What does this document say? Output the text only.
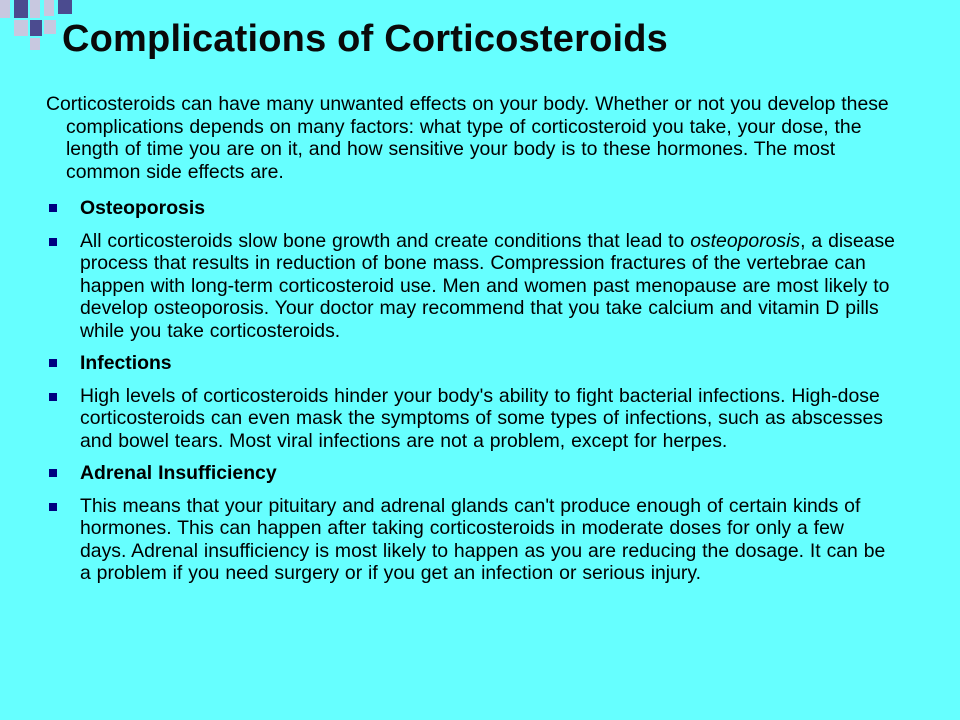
Complications of Corticosteroids

Corticosteroids can have many unwanted effects on your body. Whether or not you develop these complications depends on many factors: what type of corticosteroid you take, your dose, the length of time you are on it, and how sensitive your body is to these hormones. The most common side effects are.

Osteoporosis
All corticosteroids slow bone growth and create conditions that lead to osteoporosis, a disease process that results in reduction of bone mass. Compression fractures of the vertebrae can happen with long-term corticosteroid use. Men and women past menopause are most likely to develop osteoporosis. Your doctor may recommend that you take calcium and vitamin D pills while you take corticosteroids.
Infections
High levels of corticosteroids hinder your body's ability to fight bacterial infections. High-dose corticosteroids can even mask the symptoms of some types of infections, such as abscesses and bowel tears. Most viral infections are not a problem, except for herpes.
Adrenal Insufficiency
This means that your pituitary and adrenal glands can't produce enough of certain kinds of hormones. This can happen after taking corticosteroids in moderate doses for only a few days. Adrenal insufficiency is most likely to happen as you are reducing the dosage. It can be a problem if you need surgery or if you get an infection or serious injury.
